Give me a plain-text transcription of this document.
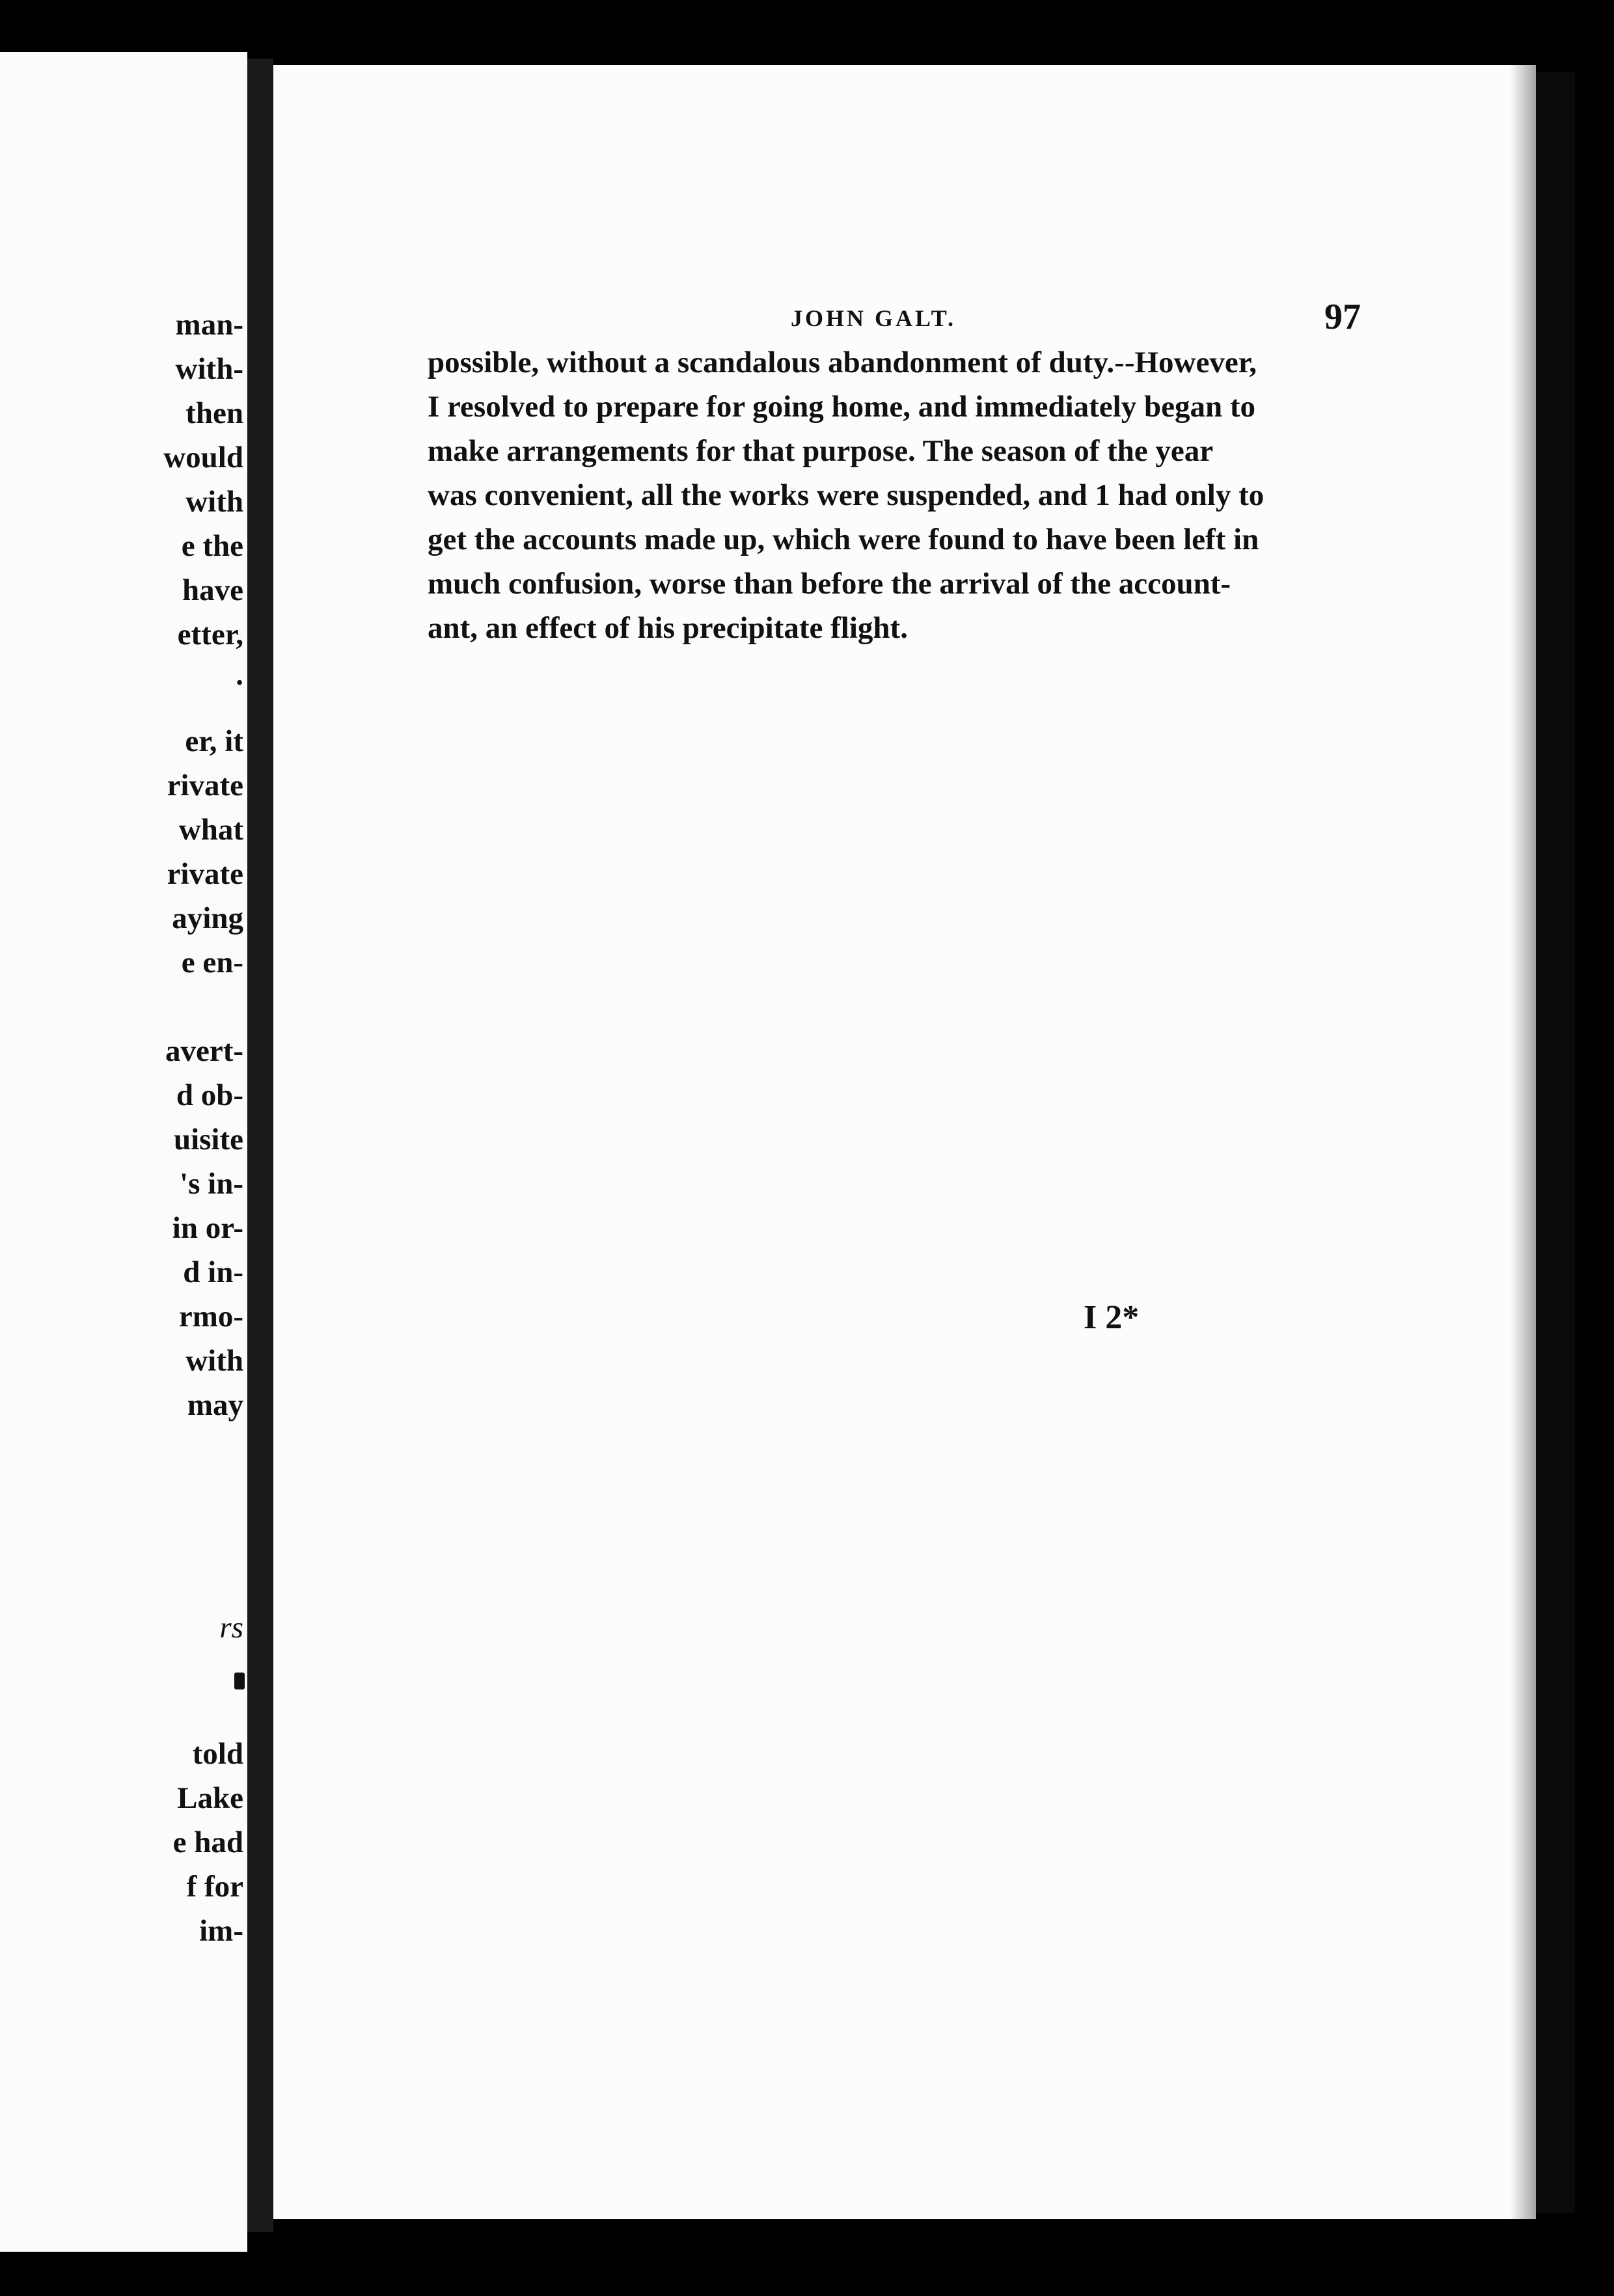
man-
with-
then
would
with
e the
have
etter,
.
er, it
rivate
what
rivate
aying
e en-
avert-
d ob-
uisite
's in-
in or-
d in-
rmo-
with
may
rs
told
Lake
e had
f for
im-
JOHN GALT.	97
possible, without a scandalous abandonment of duty.--However,
I resolved to prepare for going home, and immediately began to
make arrangements for that purpose. The season of the year
was convenient, all the works were suspended, and 1 had only to
get the accounts made up, which were found to have been left in
much confusion, worse than before the arrival of the account-
ant, an effect of his precipitate flight.
I 2*
